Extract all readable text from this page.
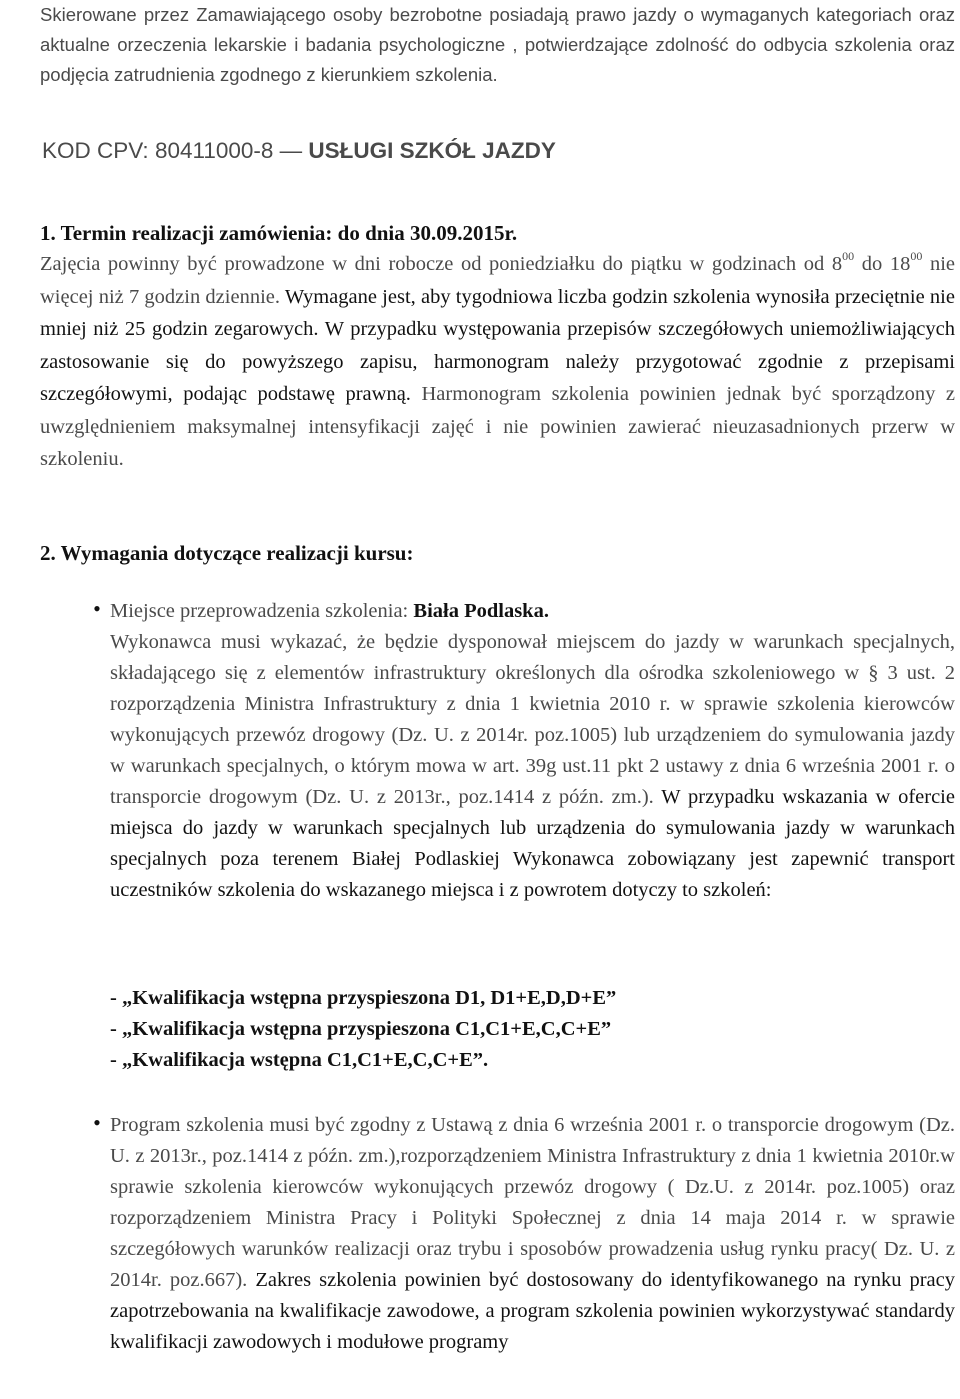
Skierowane przez Zamawiającego osoby bezrobotne posiadają prawo jazdy o wymaganych kategoriach oraz aktualne orzeczenia lekarskie i badania psychologiczne , potwierdzające zdolność do odbycia szkolenia oraz podjęcia zatrudnienia zgodnego z kierunkiem szkolenia.

KOD CPV: 80411000-8 — USŁUGI SZKÓŁ JAZDY
1. Termin realizacji zamówienia: do dnia 30.09.2015r.

Zajęcia powinny być prowadzone w dni robocze od poniedziałku do piątku w godzinach od $8^{00}$ do $18^{00}$ nie więcej niż 7 godzin dziennie. Wymagane jest, aby tygodniowa liczba godzin szkolenia wynosiła przeciętnie nie mniej niż 25 godzin zegarowych. W przypadku występowania przepisów szczegółowych uniemożliwiających zastosowanie się do powyższego zapisu, harmonogram należy przygotować zgodnie z przepisami szczegółowymi, podając podstawę prawną. Harmonogram szkolenia powinien jednak być sporządzony z uwzględnieniem maksymalnej intensyfikacji zajęć i nie powinien zawierać nieuzasadnionych przerw w szkoleniu.

2. Wymagania dotyczące realizacji kursu:
• Miejsce przeprowadzenia szkolenia: Biała Podlaska.

Wykonawca musi wykazać, że będzie dysponował miejscem do jazdy w warunkach specjalnych, składającego się z elementów infrastruktury określonych dla ośrodka szkoleniowego w § 3 ust. 2 rozporządzenia Ministra Infrastruktury z dnia 1 kwietnia 2010 r. w sprawie szkolenia kierowców wykonujących przewóz drogowy (Dz. U. z 2014r. poz.1005) lub urządzeniem do symulowania jazdy w warunkach specjalnych, o którym mowa w art. 39g ust.11 pkt 2 ustawy z dnia 6 września 2001 r. o transporcie drogowym (Dz. U. z 2013r., poz.1414 z późn. zm.). W przypadku wskazania w ofercie miejsca do jazdy w warunkach specjalnych lub urządzenia do symulowania jazdy w warunkach specjalnych poza terenem Białej Podlaskiej Wykonawca zobowiązany jest zapewnić transport uczestników szkolenia do wskazanego miejsca i z powrotem dotyczy to szkoleń:

- „Kwalifikacja wstępna przyspieszona D1, D1+E,D,D+E”
- „Kwalifikacja wstępna przyspieszona C1,C1+E,C,C+E”
- „Kwalifikacja wstępna C1,C1+E,C,C+E”.
• Program szkolenia musi być zgodny z Ustawą z dnia 6 września 2001 r. o transporcie drogowym (Dz. U. z 2013r., poz.1414 z późn. zm.),rozporządzeniem Ministra Infrastruktury z dnia 1 kwietnia 2010r.w sprawie szkolenia kierowców wykonujących przewóz drogowy ( Dz.U. z 2014r. poz.1005) oraz rozporządzeniem Ministra Pracy i Polityki Społecznej z dnia 14 maja 2014 r. w sprawie szczegółowych warunków realizacji oraz trybu i sposobów prowadzenia usług rynku pracy( Dz. U. z 2014r. poz.667). Zakres szkolenia powinien być dostosowany do identyfikowanego na rynku pracy zapotrzebowania na kwalifikacje zawodowe, a program szkolenia powinien wykorzystywać standardy kwalifikacji zawodowych i modułowe programy
